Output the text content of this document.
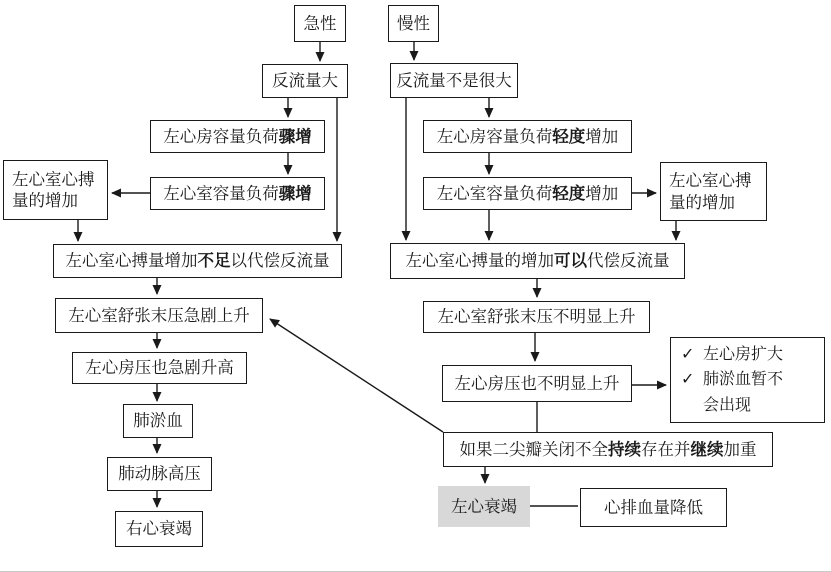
急性	慢性
反流量大	反流量不是很大
左心房容量负荷骤增
左心室容量负荷骤增
左心房容量负荷轻度增加
左心室容量负荷轻度增加
左心室心搏
量的增加
左心室心搏
量的增加
左心室心搏量增加不足以代偿反流量	左心室心搏量的增加可以代偿反流量
左心室舒张末压急剧上升
左心房压也急剧升高
肺淤血
肺动脉高压
右心衰竭
左心室舒张末压不明显上升
左心房压也不明显上升
✓ 左心房扩大
✓ 肺淤血暂不
会出现
如果二尖瓣关闭不全持续存在并继续加重
左心衰竭	心排血量降低
